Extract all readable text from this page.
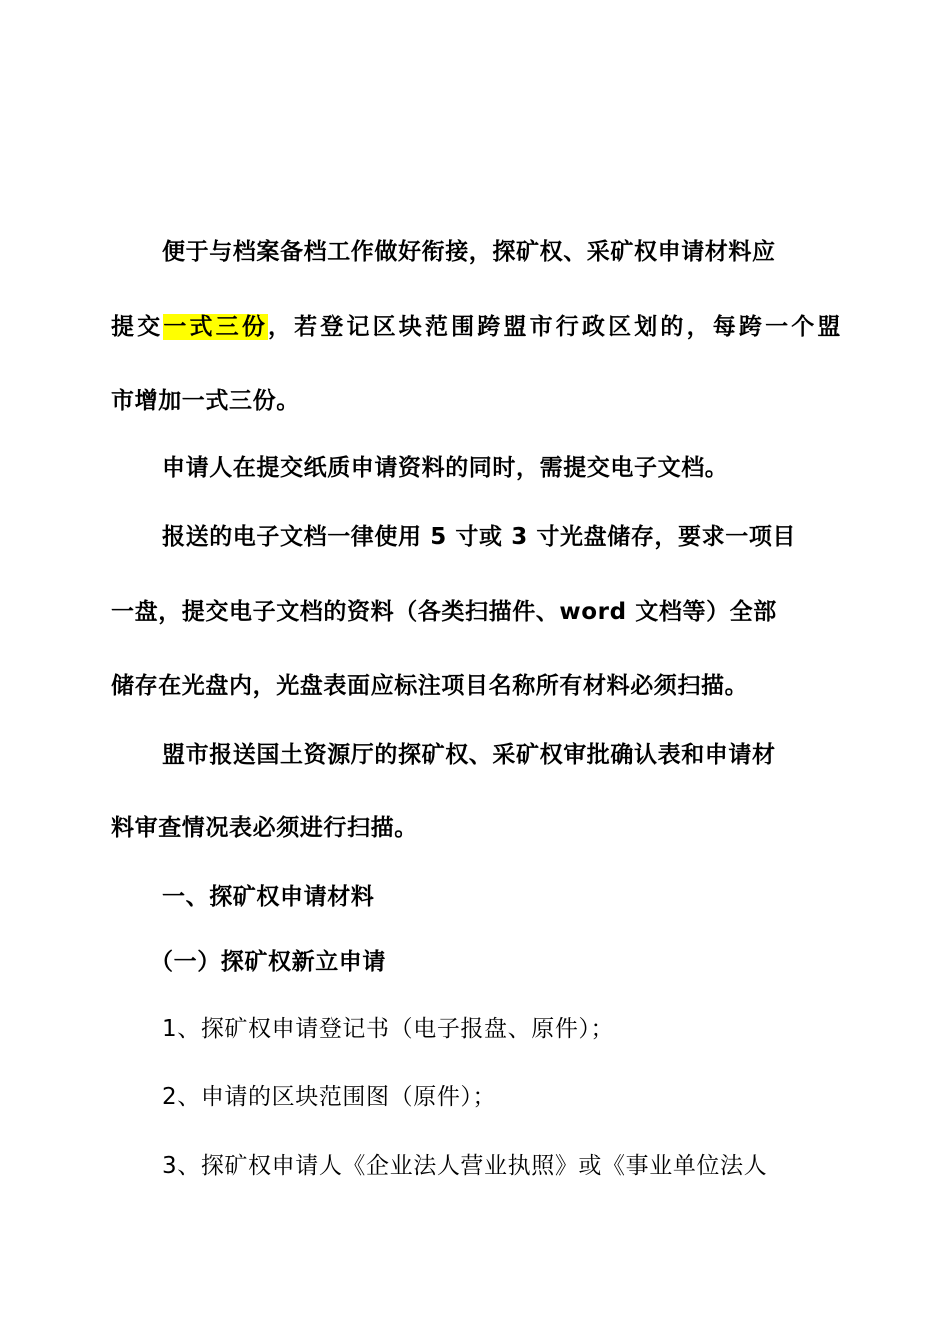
便于与档案备档工作做好衔接，探矿权、采矿权申请材料应
提交一式三份，若登记区块范围跨盟市行政区划的，每跨一个盟
市增加一式三份。
申请人在提交纸质申请资料的同时，需提交电子文档。
报送的电子文档一律使用 5 寸或 3 寸光盘储存，要求一项目
一盘，提交电子文档的资料（各类扫描件、word 文档等）全部
储存在光盘内，光盘表面应标注项目名称所有材料必须扫描。
盟市报送国土资源厅的探矿权、采矿权审批确认表和申请材
料审查情况表必须进行扫描。
一、探矿权申请材料
（一）探矿权新立申请
1、探矿权申请登记书（电子报盘、原件）；
2、申请的区块范围图（原件）；
3、探矿权申请人《企业法人营业执照》或《事业单位法人
